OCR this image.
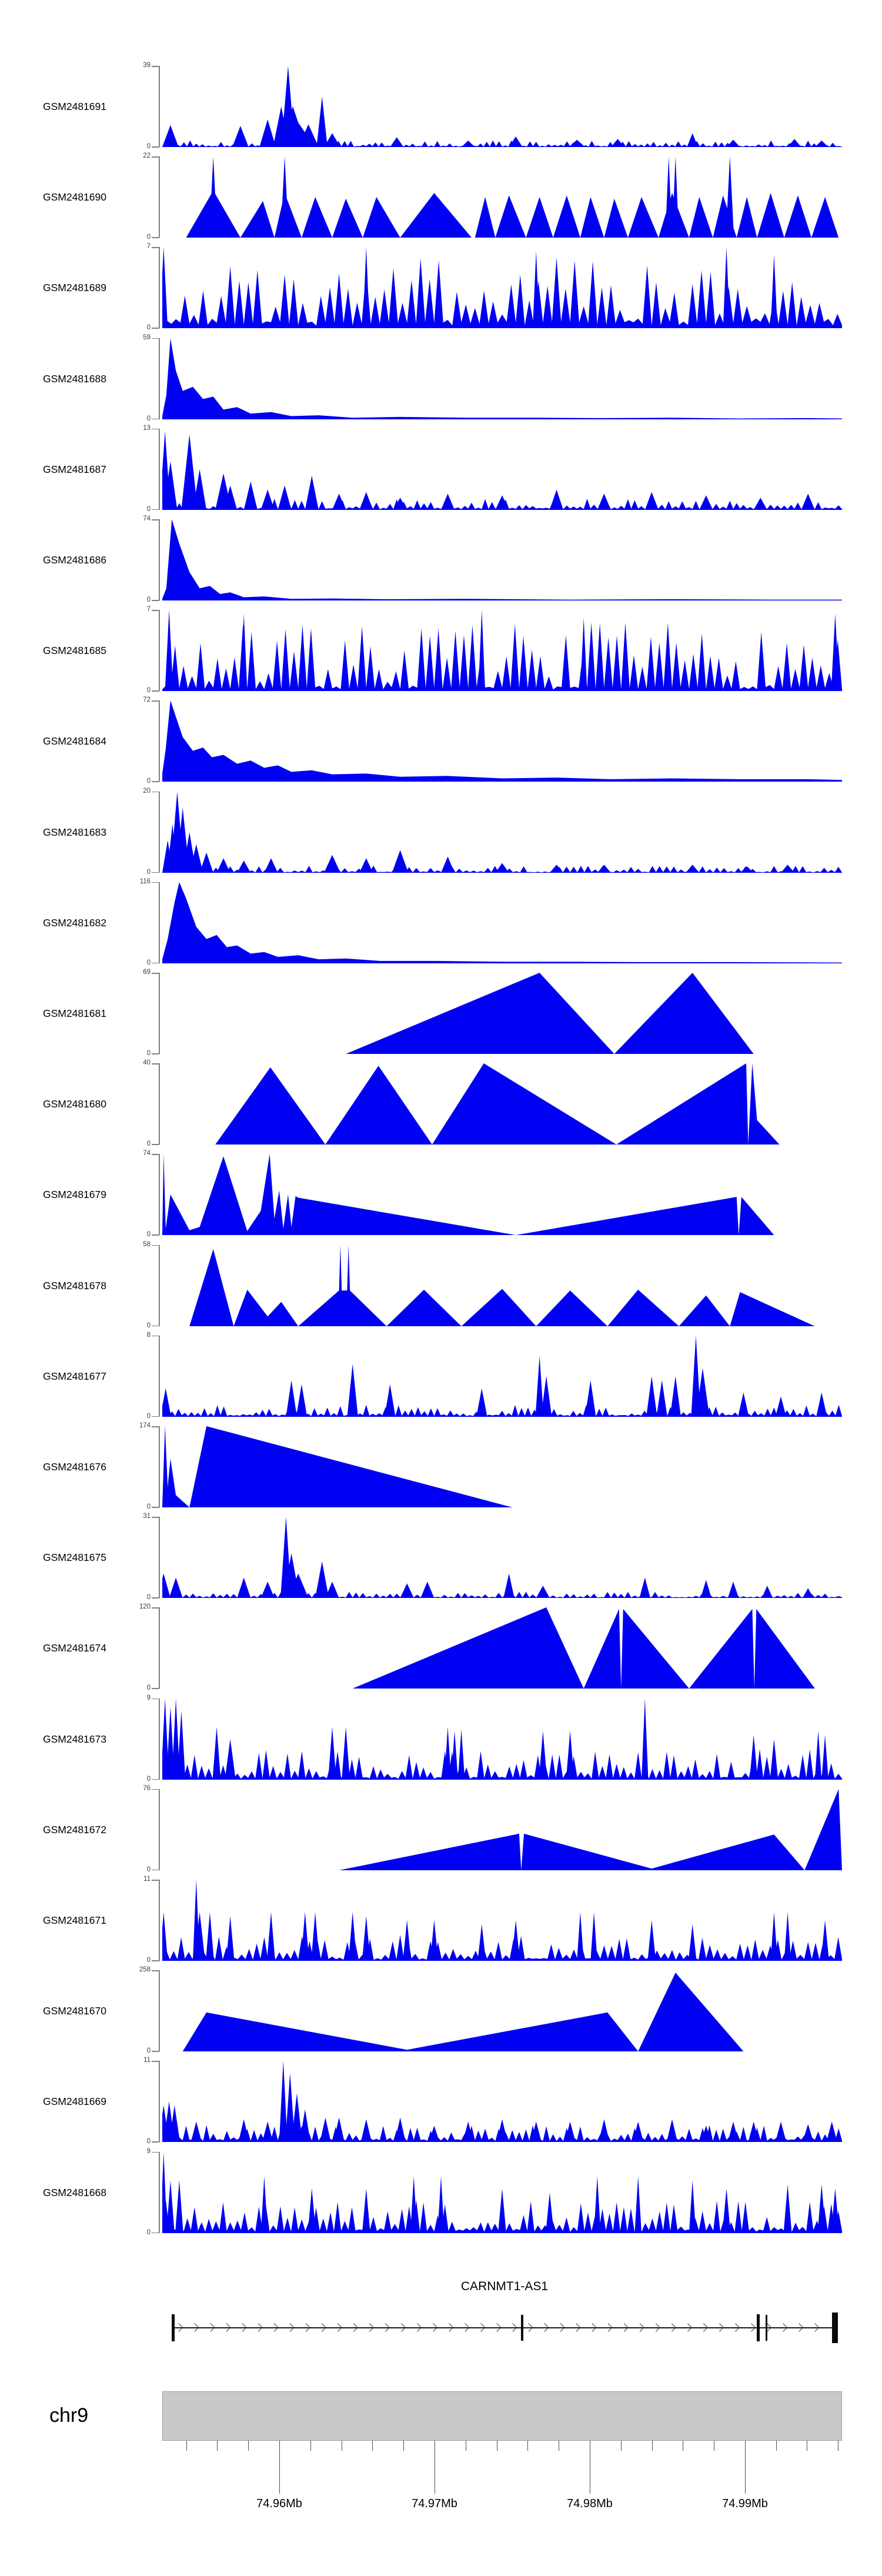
GSM2481691
39
0
GSM2481690
22
0
GSM2481689
7
0
GSM2481688
59
0
GSM2481687
13
0
GSM2481686
74
0
GSM2481685
7
0
GSM2481684
72
0
GSM2481683
20
0
GSM2481682
116
0
GSM2481681
69
0
GSM2481680
40
0
GSM2481679
74
0
GSM2481678
58
0
GSM2481677
8
0
GSM2481676
174
0
GSM2481675
31
0
GSM2481674
120
0
GSM2481673
9
0
GSM2481672
76
0
GSM2481671
11
0
GSM2481670
258
0
GSM2481669
11
0
GSM2481668
9
0
CARNMT1-AS1
chr9
74.96Mb	74.97Mb	74.98Mb	74.99Mb
